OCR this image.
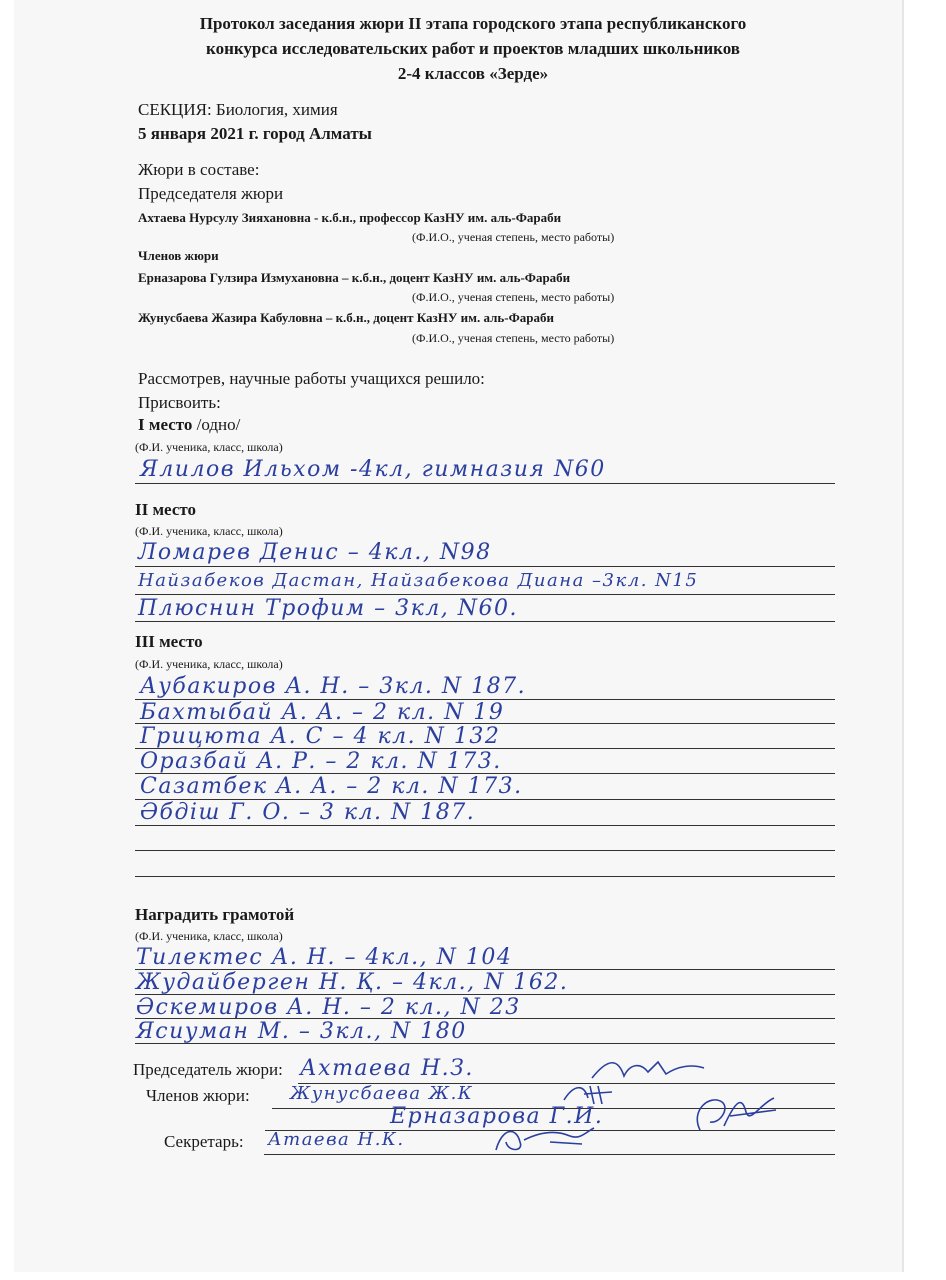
Протокол заседания жюри II этапа городского этапа республиканского
конкурса исследовательских работ и проектов младших школьников
2-4 классов «Зерде»
СЕКЦИЯ: Биология, химия
5 января 2021 г. город Алматы
Жюри в составе:
Председателя жюри
Ахтаева Нурсулу Зияхановна - к.б.н., профессор КазНУ им. аль-Фараби
(Ф.И.О., ученая степень, место работы)
Членов жюри
Ерназарова Гулзира Измухановна – к.б.н., доцент КазНУ им. аль-Фараби
(Ф.И.О., ученая степень, место работы)
Жунусбаева Жазира Кабуловна – к.б.н., доцент КазНУ им. аль-Фараби
(Ф.И.О., ученая степень, место работы)
Рассмотрев, научные работы учащихся решило:
Присвоить:
I место /одно/
(Ф.И. ученика, класс, школа)
Ялилов Ильхом -4кл, гимназия N60
II место
(Ф.И. ученика, класс, школа)
Ломарев Денис – 4кл., N98
Найзабеков Дастан, Найзабекова Диана –3кл. N15
Плюснин Трофим – 3кл, N60.
III место
(Ф.И. ученика, класс, школа)
Аубакиров А. Н. – 3кл. N 187.
Бахтыбай А. А. – 2 кл. N 19
Грицюта А. С – 4 кл. N 132
Оразбай А. Р. – 2 кл. N 173.
Сазатбек А. А. – 2 кл. N 173.
Әбдіш Г. О. – 3 кл. N 187.
Наградить грамотой
(Ф.И. ученика, класс, школа)
Тилектес А. Н. – 4кл., N 104
Жудайберген Н. Қ. – 4кл., N 162.
Әскемиров А. Н. – 2 кл., N 23
Ясиуман М. – 3кл., N 180
Председатель жюри: Ахтаева Н.З.
Членов жюри: Жунусбаева Ж.К
Ерназарова Г.И.
Секретарь: Атаева Н.К.
